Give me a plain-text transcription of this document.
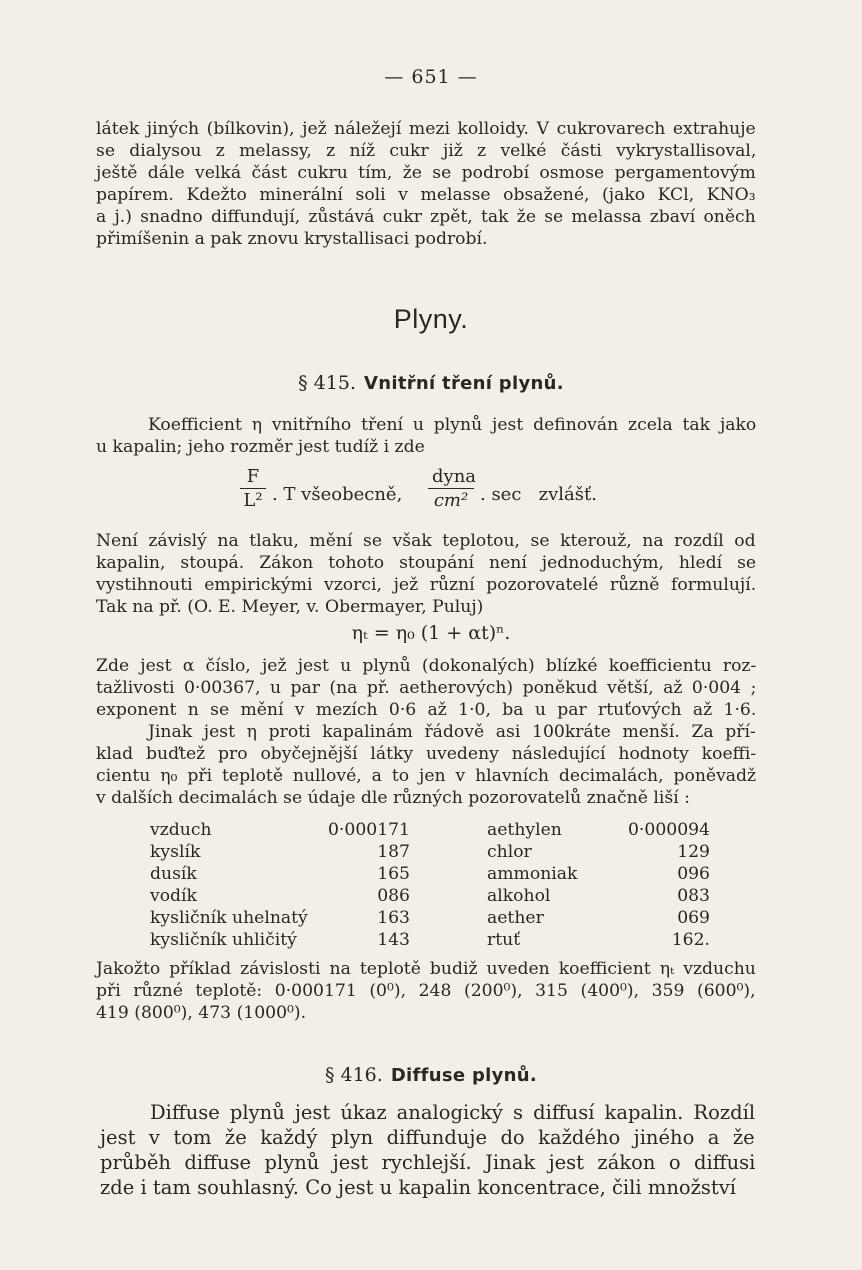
— 651 —
látek jiných (bílkovin), jež náležejí mezi kolloidy. V cukrovarech extrahuje
se dialysou z melassy, z níž cukr již z velké části vykrystallisoval,
ještě dále velká část cukru tím, že se podrobí osmose pergamentovým
papírem. Kdežto minerální soli v melasse obsažené, (jako KCl, KNO₃
a j.) snadno diffundují, zůstává cukr zpět, tak že se melassa zbaví oněch
přimíšenin a pak znovu krystallisaci podrobí.
Plyny.
§ 415. Vnitřní tření plynů.
Koefficient η vnitřního tření u plynů jest definován zcela tak jako
u kapalin; jeho rozměr jest tudíž i zde
F
L² . T všeobecně,
dyna
cm² . sec   zvlášť.
Není závislý na tlaku, mění se však teplotou, se kterouž, na rozdíl od
kapalin, stoupá. Zákon tohoto stoupání není jednoduchým, hledí se
vystihnouti empirickými vzorci, jež různí pozorovatelé různě formulují.
Tak na př. (O. E. Meyer, v. Obermayer, Puluj)
ηₜ = η₀ (1 + αt)ⁿ.
Zde jest α číslo, jež jest u plynů (dokonalých) blízké koefficientu roz-
tažlivosti 0·00367, u par (na př. aetherových) poněkud větší, až 0·004 ;
exponent n se mění v mezích 0·6 až 1·0, ba u par rtuťových až 1·6.
Jinak jest η proti kapalinám řádově asi 100kráte menší. Za pří-
klad buďtež pro obyčejnější látky uvedeny následující hodnoty koeffi-
cientu η₀ při teplotě nullové, a to jen v hlavních decimalách, poněvadž
v dalších decimalách se údaje dle různých pozorovatelů značně liší :
vzduch	0·000171	aethylen	0·000094
kyslík	187	chlor	129
dusík	165	ammoniak	096
vodík	086	alkohol	083
kysličník uhelnatý	163	aether	069
kysličník uhličitý	143	rtuť	162.
Jakožto příklad závislosti na teplotě budiž uveden koefficient ηₜ vzduchu
při různé teplotě: 0·000171 (0⁰), 248 (200⁰), 315 (400⁰), 359 (600⁰),
419 (800⁰), 473 (1000⁰).
§ 416. Diffuse plynů.
Diffuse plynů jest úkaz analogický s diffusí kapalin. Rozdíl
jest v tom že každý plyn diffunduje do každého jiného a že
průběh diffuse plynů jest rychlejší. Jinak jest zákon o diffusi
zde i tam souhlasný. Co jest u kapalin koncentrace, čili množství
